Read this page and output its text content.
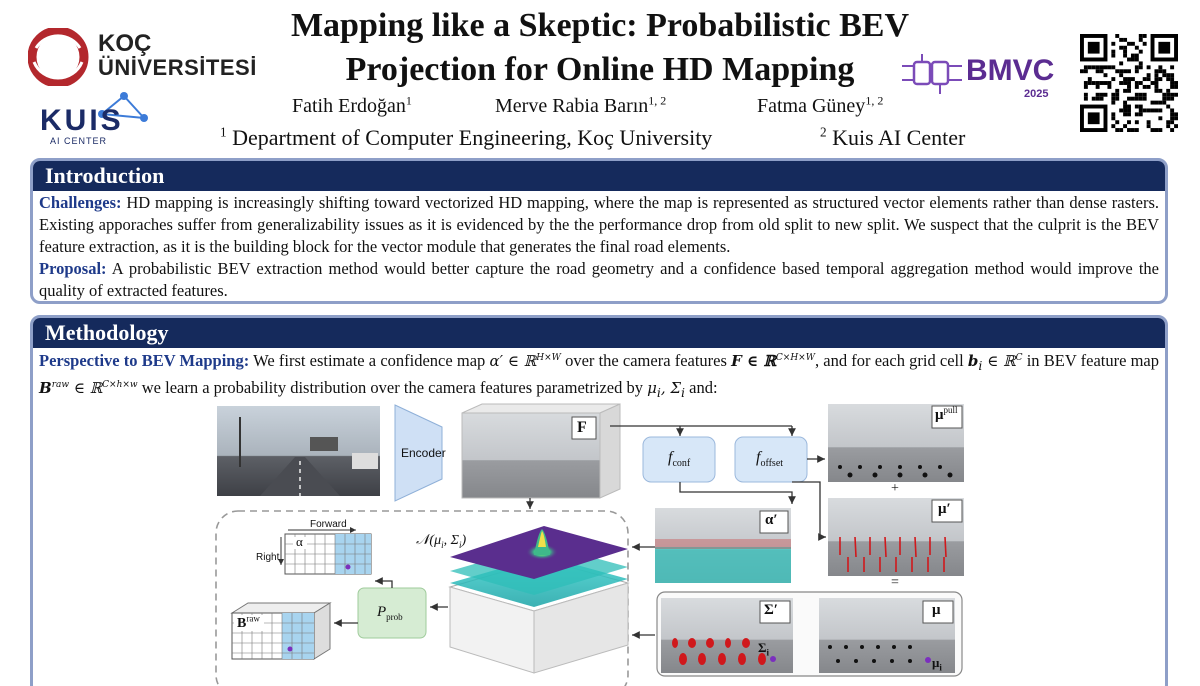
KOÇ
ÜNİVERSİTESİ
KUIS
AI CENTER
Mapping like a Skeptic: Probabilistic BEV
Projection for Online HD Mapping	BMVC
2025
Fatih Erdoğan$^1$	Merve Rabia Barın$^{1, 2}$	Fatma Güney$^{1, 2}$
$^1$ Department of Computer Engineering, Koç University	$^2$ Kuis AI Center
Introduction

Challenges: HD mapping is increasingly shifting toward vectorized HD mapping, where the map is represented as structured vector elements rather than dense rasters. Existing apporaches suffer from generalizability issues as it is evidenced by the the performance drop from old split to new split. We suspect that the culprit is the BEV feature extraction, as it is the building block for the vector module that generates the final road elements.

Proposal: A probabilistic BEV extraction method would better capture the road geometry and a confidence based temporal aggregation method would improve the quality of extracted features.

Methodology

Perspective to BEV Mapping: We first estimate a confidence map α′ ∈ ℝ$^{H\times W}$ over the camera features F ∈ ℝ$^{C\times H\times W}$, and for each grid cell $b_i$ ∈ ℝ$^C$ in BEV feature map $B^{raw}$ ∈ ℝ$^{C\times h\times w}$ we learn a probability distribution over the camera features parametrized by $\mu_i$, $\Sigma_i$ and:

Encoder
F
$f_{conf}$	$f_{offset}$
$\mu^{pull}$
+
μ′
=
α′
Σ′
$\Sigma_i$
μ
$\mu_i$
$𝒩(\mu_i$, $\Sigma_i$)
$P_{prob}$
Forward
Right
α
$B^{raw}$
